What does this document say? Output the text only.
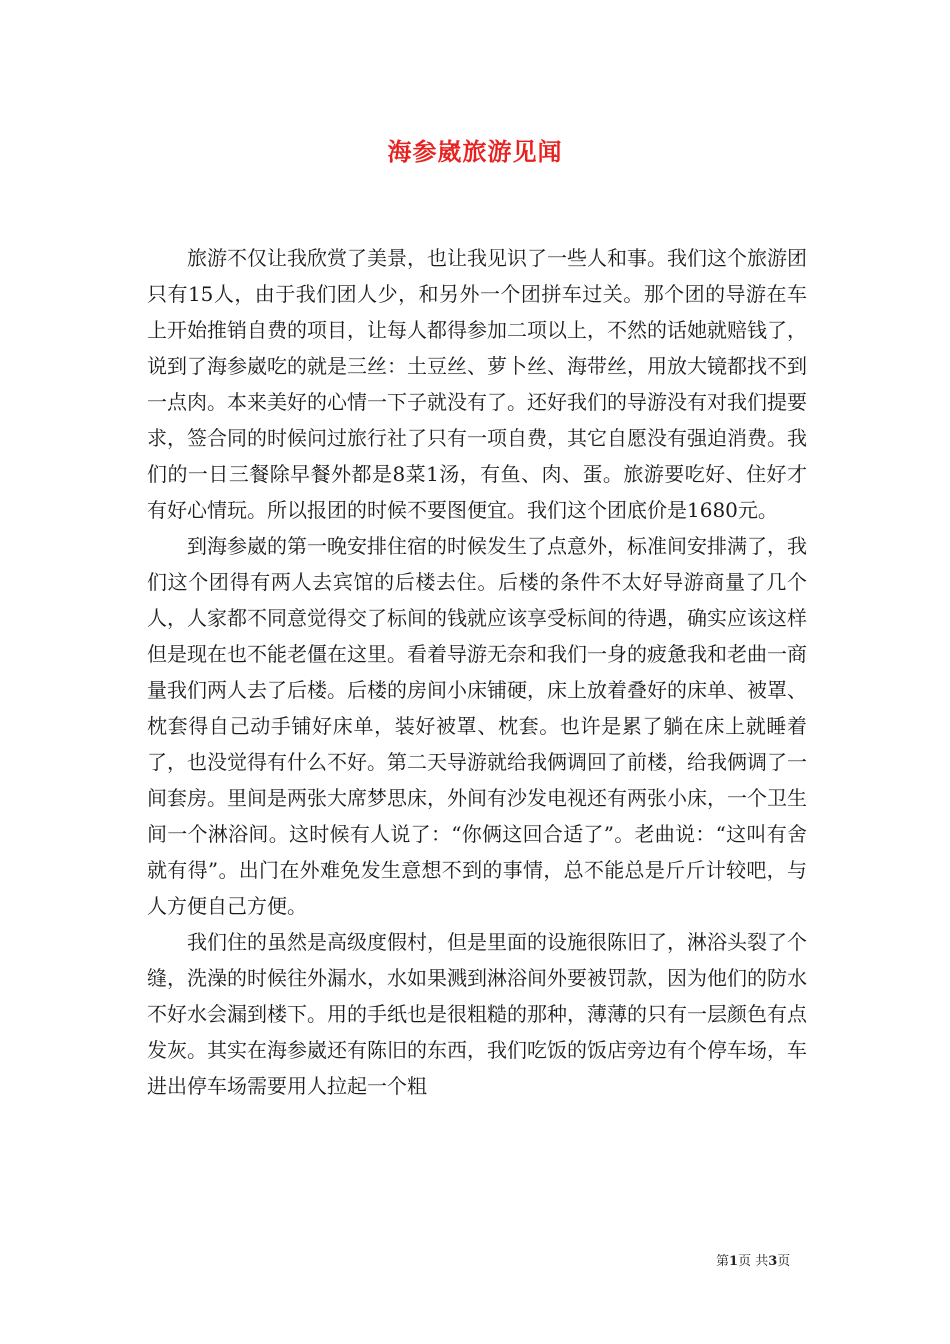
海参崴旅游见闻

旅游不仅让我欣赏了美景，也让我见识了一些人和事。我们这个旅游团只有15人，由于我们团人少，和另外一个团拼车过关。那个团的导游在车上开始推销自费的项目，让每人都得参加二项以上，不然的话她就赔钱了，说到了海参崴吃的就是三丝：土豆丝、萝卜丝、海带丝，用放大镜都找不到一点肉。本来美好的心情一下子就没有了。还好我们的导游没有对我们提要求，签合同的时候问过旅行社了只有一项自费，其它自愿没有强迫消费。我们的一日三餐除早餐外都是8菜1汤，有鱼、肉、蛋。旅游要吃好、住好才有好心情玩。所以报团的时候不要图便宜。我们这个团底价是1680元。

到海参崴的第一晚安排住宿的时候发生了点意外，标准间安排满了，我们这个团得有两人去宾馆的后楼去住。后楼的条件不太好导游商量了几个人，人家都不同意觉得交了标间的钱就应该享受标间的待遇，确实应该这样但是现在也不能老僵在这里。看着导游无奈和我们一身的疲惫我和老曲一商量我们两人去了后楼。后楼的房间小床铺硬，床上放着叠好的床单、被罩、枕套得自己动手铺好床单，装好被罩、枕套。也许是累了躺在床上就睡着了，也没觉得有什么不好。第二天导游就给我俩调回了前楼，给我俩调了一间套房。里间是两张大席梦思床，外间有沙发电视还有两张小床，一个卫生间一个淋浴间。这时候有人说了：“你俩这回合适了”。老曲说：“这叫有舍就有得”。出门在外难免发生意想不到的事情，总不能总是斤斤计较吧，与人方便自己方便。

我们住的虽然是高级度假村，但是里面的设施很陈旧了，淋浴头裂了个缝，洗澡的时候往外漏水，水如果溅到淋浴间外要被罚款，因为他们的防水不好水会漏到楼下。用的手纸也是很粗糙的那种，薄薄的只有一层颜色有点发灰。其实在海参崴还有陈旧的东西，我们吃饭的饭店旁边有个停车场，车进出停车场需要用人拉起一个粗

第1页 共3页
